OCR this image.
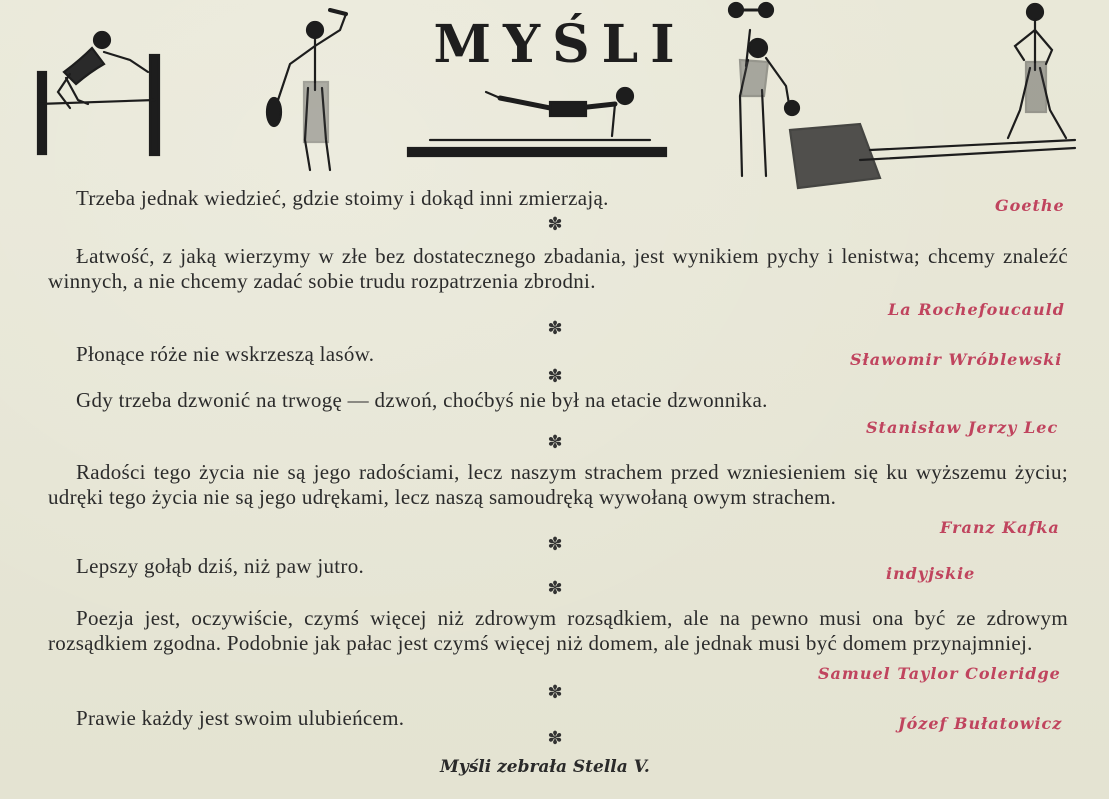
MYŚLI

Trzeba jednak wiedzieć, gdzie stoimy i dokąd inni zmierzają.	Goethe
✽

Łatwość, z jaką wierzymy w złe bez dostatecznego zbadania, jest wynikiem pychy i lenistwa; chcemy znaleźć winnych, a nie chcemy zadać sobie trudu rozpatrzenia zbrodni.

La Rochefoucauld
✽

Płonące róże nie wskrzeszą lasów.	Sławomir Wróblewski
✽

Gdy trzeba dzwonić na trwogę — dzwoń, choćbyś nie był na etacie dzwonnika.

Stanisław Jerzy Lec
✽

Radości tego życia nie są jego radościami, lecz naszym strachem przed wzniesieniem się ku wyższemu życiu; udręki tego życia nie są jego udrękami, lecz naszą samoudręką wywołaną owym strachem.

Franz Kafka
✽

Lepszy gołąb dziś, niż paw jutro.	indyjskie
✽

Poezja jest, oczywiście, czymś więcej niż zdrowym rozsądkiem, ale na pewno musi ona być ze zdrowym rozsądkiem zgodna. Podobnie jak pałac jest czymś więcej niż domem, ale jednak musi być domem przynajmniej.

Samuel Taylor Coleridge
✽

Prawie każdy jest swoim ulubieńcem.	Józef Bułatowicz
✽
Myśli zebrała Stella V.
